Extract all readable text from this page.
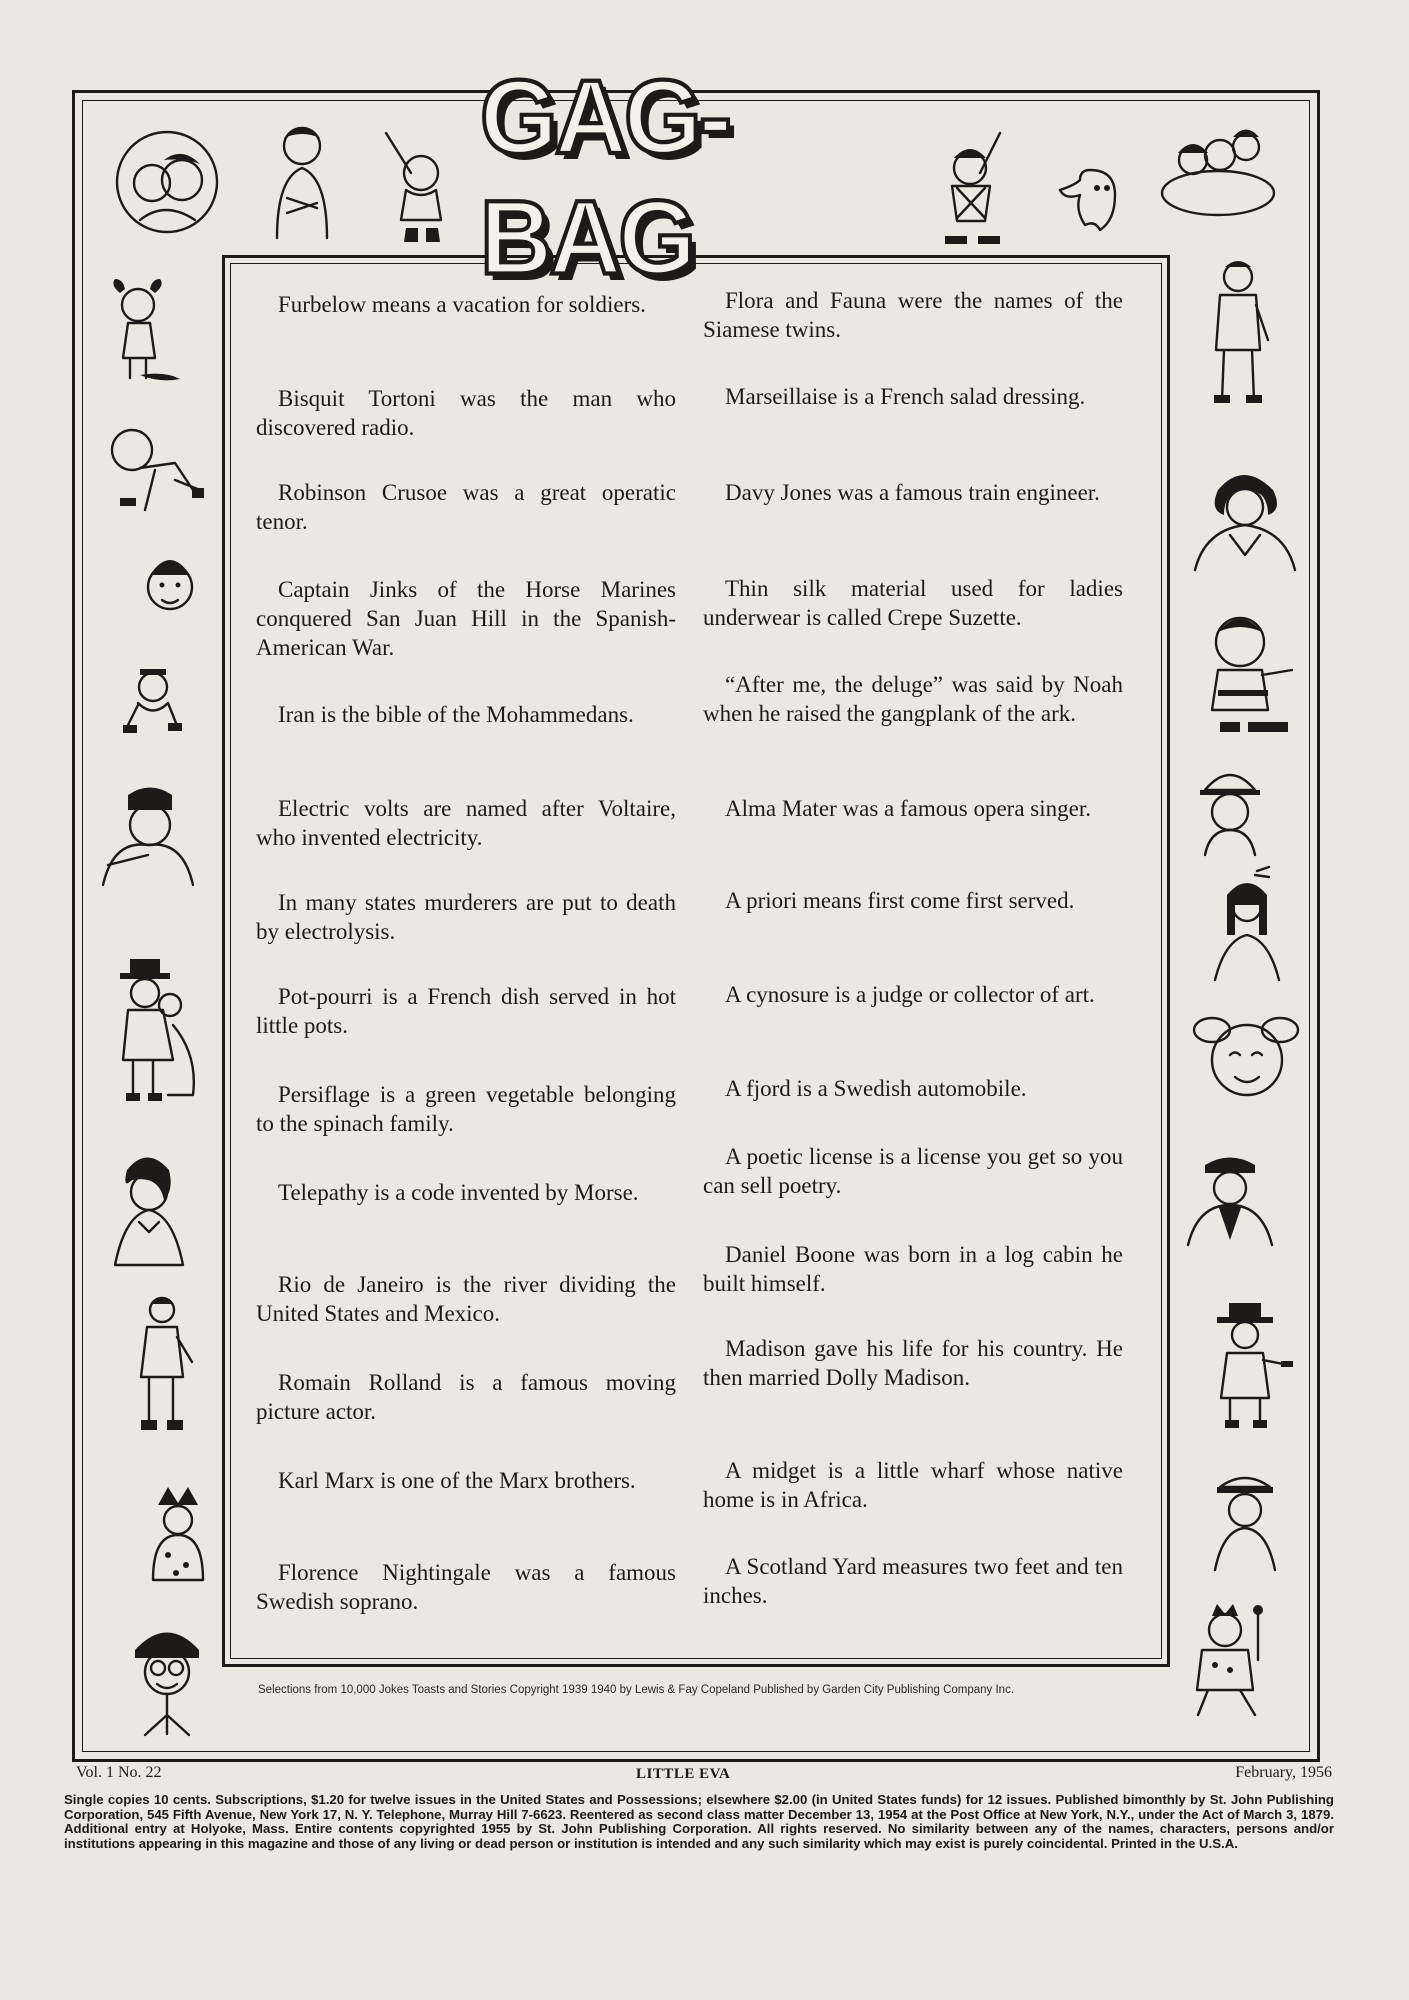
GAG-BAG

Furbelow means a vacation for soldiers.

Bisquit Tortoni was the man who discovered radio.

Robinson Crusoe was a great operatic tenor.

Captain Jinks of the Horse Marines conquered San Juan Hill in the Spanish-American War.

Iran is the bible of the Mohammedans.

Electric volts are named after Voltaire, who invented electricity.

In many states murderers are put to death by electrolysis.

Pot-pourri is a French dish served in hot little pots.

Persiflage is a green vegetable belonging to the spinach family.

Telepathy is a code invented by Morse.

Rio de Janeiro is the river dividing the United States and Mexico.

Romain Rolland is a famous moving picture actor.

Karl Marx is one of the Marx brothers.

Florence Nightingale was a famous Swedish soprano.

Flora and Fauna were the names of the Siamese twins.

Marseillaise is a French salad dressing.

Davy Jones was a famous train engineer.

Thin silk material used for ladies underwear is called Crepe Suzette.

“After me, the deluge” was said by Noah when he raised the gangplank of the ark.

Alma Mater was a famous opera singer.

A priori means first come first served.

A cynosure is a judge or collector of art.

A fjord is a Swedish automobile.

A poetic license is a license you get so you can sell poetry.

Daniel Boone was born in a log cabin he built himself.

Madison gave his life for his country. He then married Dolly Madison.

A midget is a little wharf whose native home is in Africa.

A Scotland Yard measures two feet and ten inches.

Selections from 10,000 Jokes Toasts and Stories Copyright 1939 1940 by Lewis & Fay Copeland Published by Garden City Publishing Company Inc.
Vol. 1 No. 22	LITTLE EVA	February, 1956
Single copies 10 cents. Subscriptions, $1.20 for twelve issues in the United States and Possessions; elsewhere $2.00 (in United States funds) for 12 issues. Published bimonthly by St. John Publishing Corporation, 545 Fifth Avenue, New York 17, N. Y. Telephone, Murray Hill 7-6623. Reentered as second class matter December 13, 1954 at the Post Office at New York, N.Y., under the Act of March 3, 1879. Additional entry at Holyoke, Mass. Entire contents copyrighted 1955 by St. John Publishing Corporation. All rights reserved. No similarity between any of the names, characters, persons and/or institutions appearing in this magazine and those of any living or dead person or institution is intended and any such similarity which may exist is purely coincidental. Printed in the U.S.A.
